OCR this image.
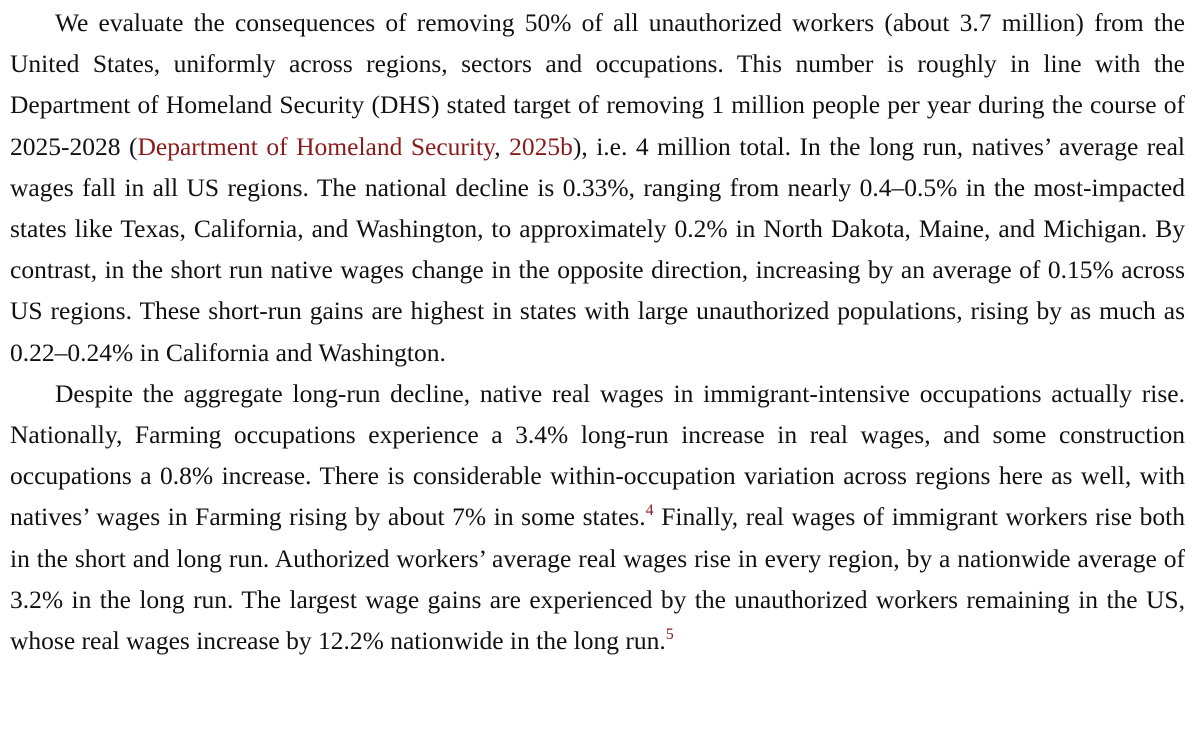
We evaluate the consequences of removing 50% of all unauthorized workers (about 3.7 million) from the United States, uniformly across regions, sectors and occupations. This number is roughly in line with the Department of Homeland Security (DHS) stated target of removing 1 million people per year during the course of 2025-2028 (Department of Homeland Security, 2025b), i.e. 4 million total. In the long run, natives’ average real wages fall in all US regions. The national decline is 0.33%, ranging from nearly 0.4–0.5% in the most-impacted states like Texas, California, and Washington, to approximately 0.2% in North Dakota, Maine, and Michigan. By contrast, in the short run native wages change in the opposite direction, increasing by an average of 0.15% across US regions. These short-run gains are highest in states with large unauthorized populations, rising by as much as 0.22–0.24% in California and Washington.

Despite the aggregate long-run decline, native real wages in immigrant-intensive occupations actually rise. Nationally, Farming occupations experience a 3.4% long-run increase in real wages, and some construction occupations a 0.8% increase. There is considerable within-occupation variation across regions here as well, with natives’ wages in Farming rising by about 7% in some states.$^4$ Finally, real wages of immigrant workers rise both in the short and long run. Authorized workers’ average real wages rise in every region, by a nationwide average of 3.2% in the long run. The largest wage gains are experienced by the unauthorized workers remaining in the US, whose real wages increase by 12.2% nationwide in the long run.$^5$
